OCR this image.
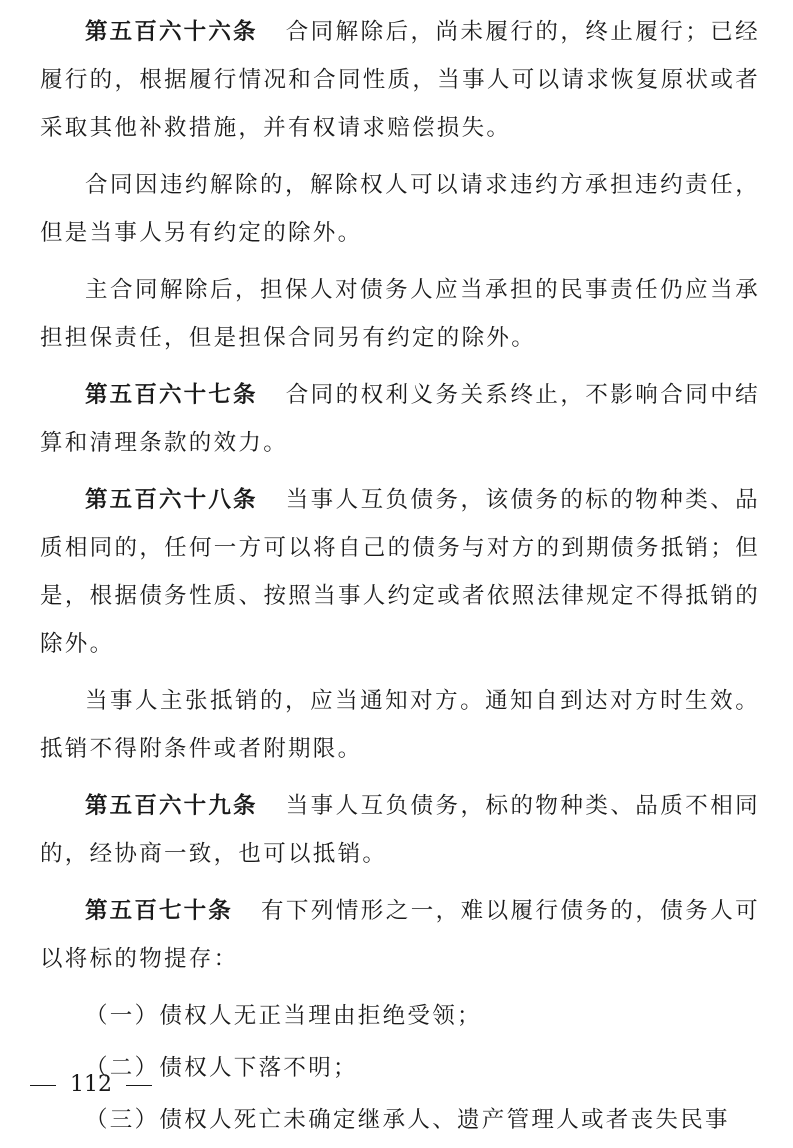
第五百六十六条 合同解除后，尚未履行的，终止履行；已经履行的，根据履行情况和合同性质，当事人可以请求恢复原状或者采取其他补救措施，并有权请求赔偿损失。

合同因违约解除的，解除权人可以请求违约方承担违约责任，但是当事人另有约定的除外。

主合同解除后，担保人对债务人应当承担的民事责任仍应当承担担保责任，但是担保合同另有约定的除外。

第五百六十七条 合同的权利义务关系终止，不影响合同中结算和清理条款的效力。

第五百六十八条 当事人互负债务，该债务的标的物种类、品质相同的，任何一方可以将自己的债务与对方的到期债务抵销；但是，根据债务性质、按照当事人约定或者依照法律规定不得抵销的除外。

当事人主张抵销的，应当通知对方。通知自到达对方时生效。抵销不得附条件或者附期限。

第五百六十九条 当事人互负债务，标的物种类、品质不相同的，经协商一致，也可以抵销。

第五百七十条 有下列情形之一，难以履行债务的，债务人可以将标的物提存：

（一）债权人无正当理由拒绝受领；

（二）债权人下落不明；

（三）债权人死亡未确定继承人、遗产管理人或者丧失民事

112
